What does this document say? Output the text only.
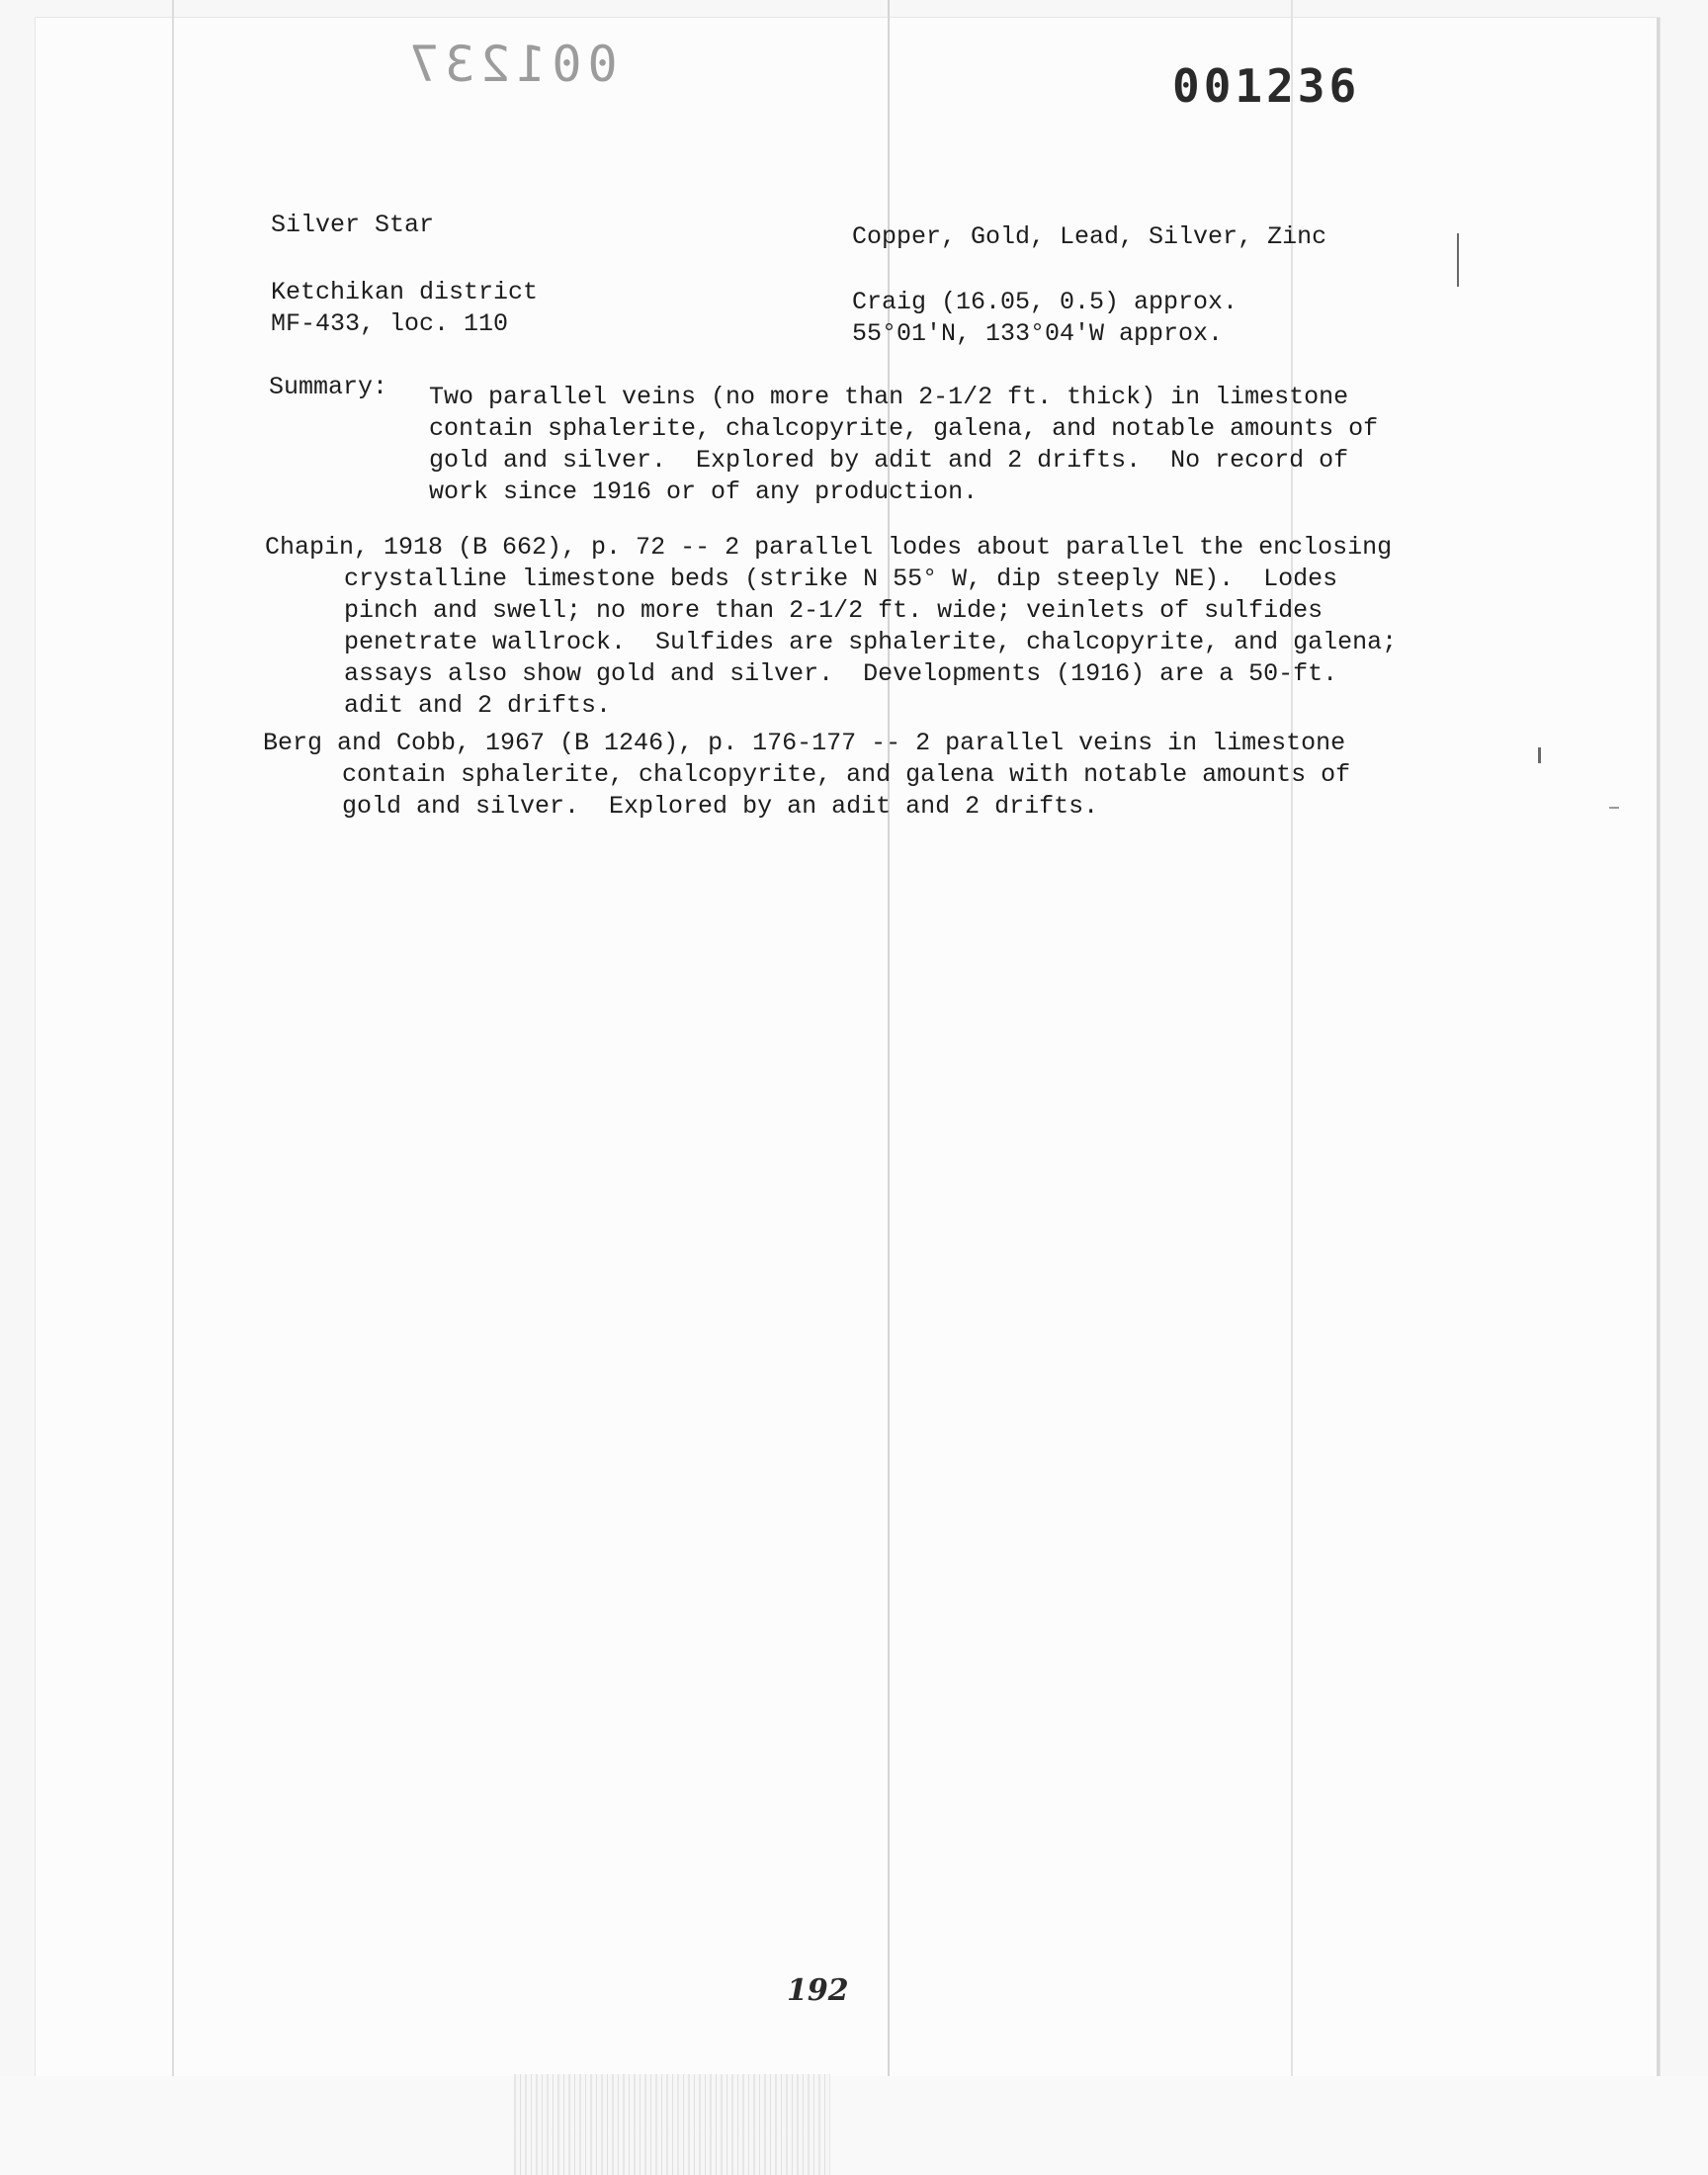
001237	001236
Silver Star	Copper, Gold, Lead, Silver, Zinc
Ketchikan district
MF-433, loc. 110
Craig (16.05, 0.5) approx.
55°01'N, 133°04'W approx.
Summary: Two parallel veins (no more than 2-1/2 ft. thick) in limestone
contain sphalerite, chalcopyrite, galena, and notable amounts of
gold and silver.  Explored by adit and 2 drifts.  No record of
work since 1916 or of any production.
Chapin, 1918 (B 662), p. 72 -- 2 parallel lodes about parallel the enclosing
crystalline limestone beds (strike N 55° W, dip steeply NE).  Lodes
pinch and swell; no more than 2-1/2 ft. wide; veinlets of sulfides
penetrate wallrock.  Sulfides are sphalerite, chalcopyrite, and galena;
assays also show gold and silver.  Developments (1916) are a 50-ft.
adit and 2 drifts.
Berg and Cobb, 1967 (B 1246), p. 176-177 -- 2 parallel veins in limestone
contain sphalerite, chalcopyrite, and galena with notable amounts of
gold and silver.  Explored by an adit and 2 drifts.
192
